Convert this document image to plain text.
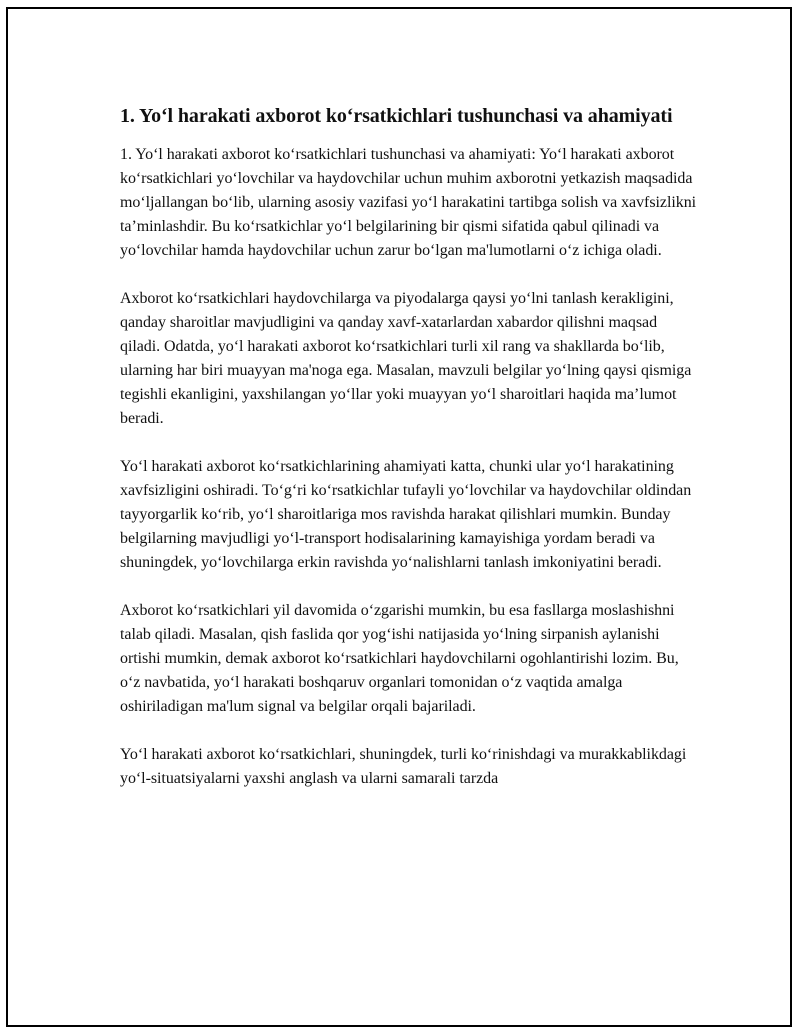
1. Yo‘l harakati axborot ko‘rsatkichlari tushunchasi va ahamiyati

1. Yo‘l harakati axborot ko‘rsatkichlari tushunchasi va ahamiyati: Yo‘l harakati axborot ko‘rsatkichlari yo‘lovchilar va haydovchilar uchun muhim axborotni yetkazish maqsadida mo‘ljallangan bo‘lib, ularning asosiy vazifasi yo‘l harakatini tartibga solish va xavfsizlikni ta’minlashdir. Bu ko‘rsatkichlar yo‘l belgilarining bir qismi sifatida qabul qilinadi va yo‘lovchilar hamda haydovchilar uchun zarur bo‘lgan ma'lumotlarni o‘z ichiga oladi.

Axborot ko‘rsatkichlari haydovchilarga va piyodalarga qaysi yo‘lni tanlash kerakligini, qanday sharoitlar mavjudligini va qanday xavf-xatarlardan xabardor qilishni maqsad qiladi. Odatda, yo‘l harakati axborot ko‘rsatkichlari turli xil rang va shakllarda bo‘lib, ularning har biri muayyan ma'noga ega. Masalan, mavzuli belgilar yo‘lning qaysi qismiga tegishli ekanligini, yaxshilangan yo‘llar yoki muayyan yo‘l sharoitlari haqida ma’lumot beradi.

Yo‘l harakati axborot ko‘rsatkichlarining ahamiyati katta, chunki ular yo‘l harakatining xavfsizligini oshiradi. To‘g‘ri ko‘rsatkichlar tufayli yo‘lovchilar va haydovchilar oldindan tayyorgarlik ko‘rib, yo‘l sharoitlariga mos ravishda harakat qilishlari mumkin. Bunday belgilarning mavjudligi yo‘l-transport hodisalarining kamayishiga yordam beradi va shuningdek, yo‘lovchilarga erkin ravishda yo‘nalishlarni tanlash imkoniyatini beradi.

Axborot ko‘rsatkichlari yil davomida o‘zgarishi mumkin, bu esa fasllarga moslashishni talab qiladi. Masalan, qish faslida qor yog‘ishi natijasida yo‘lning sirpanish aylanishi ortishi mumkin, demak axborot ko‘rsatkichlari haydovchilarni ogohlantirishi lozim. Bu, o‘z navbatida, yo‘l harakati boshqaruv organlari tomonidan o‘z vaqtida amalga oshiriladigan ma'lum signal va belgilar orqali bajariladi.

Yo‘l harakati axborot ko‘rsatkichlari, shuningdek, turli ko‘rinishdagi va murakkablikdagi yo‘l-situatsiyalarni yaxshi anglash va ularni samarali tarzda
